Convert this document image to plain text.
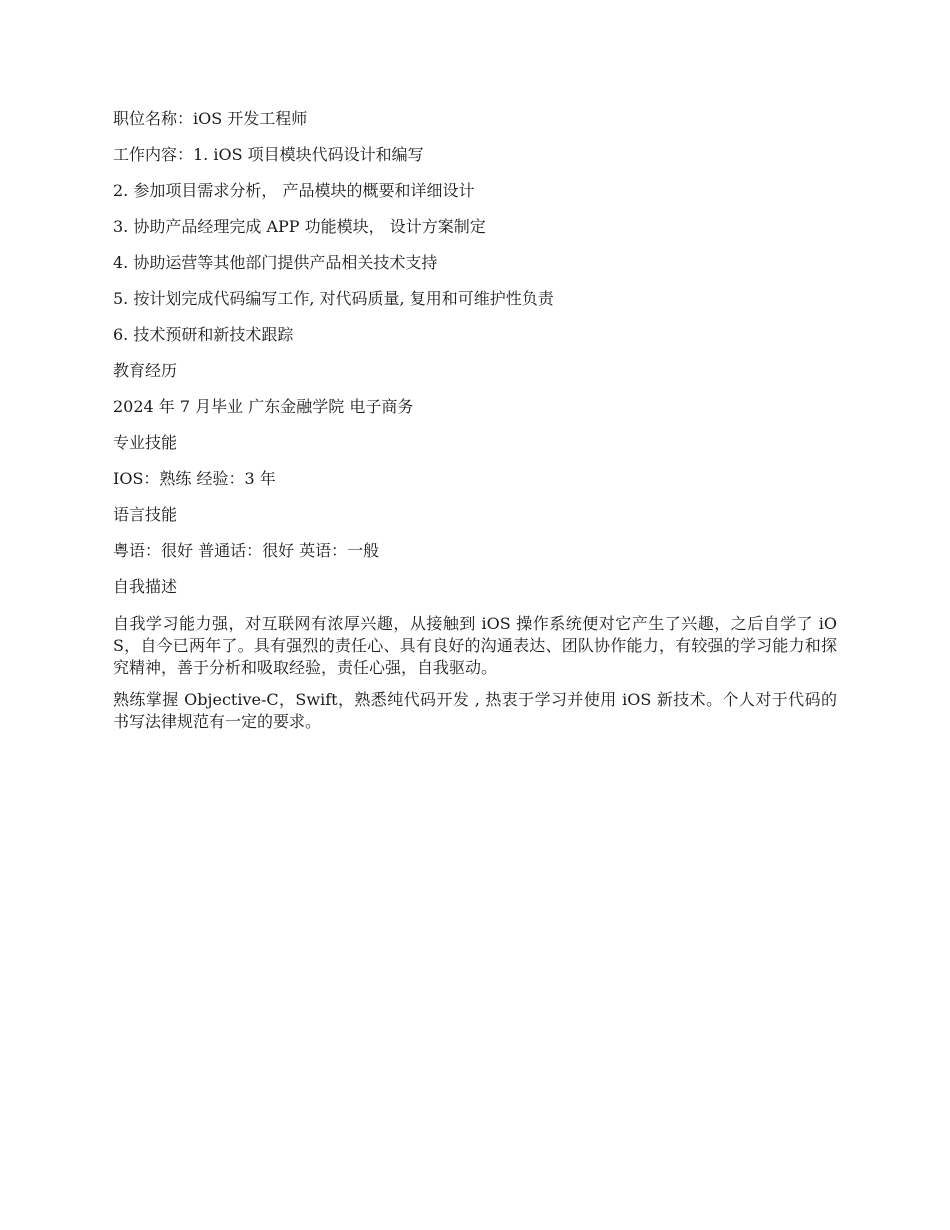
职位名称：iOS 开发工程师
工作内容：1. iOS 项目模块代码设计和编写
2. 参加项目需求分析， 产品模块的概要和详细设计
3. 协助产品经理完成 APP 功能模块， 设计方案制定
4. 协助运营等其他部门提供产品相关技术支持
5. 按计划完成代码编写工作, 对代码质量, 复用和可维护性负责
6. 技术预研和新技术跟踪
教育经历
2024 年 7 月毕业 广东金融学院 电子商务
专业技能
IOS：熟练 经验：3 年
语言技能
粤语：很好 普通话：很好 英语：一般
自我描述

自我学习能力强，对互联网有浓厚兴趣，从接触到 iOS 操作系统便对它产生了兴趣，之后自学了 iOS，自今已两年了。具有强烈的责任心、具有良好的沟通表达、团队协作能力，有较强的学习能力和探究精神，善于分析和吸取经验，责任心强，自我驱动。

熟练掌握 Objective-C，Swift，熟悉纯代码开发 , 热衷于学习并使用 iOS 新技术。个人对于代码的书写法律规范有一定的要求。
